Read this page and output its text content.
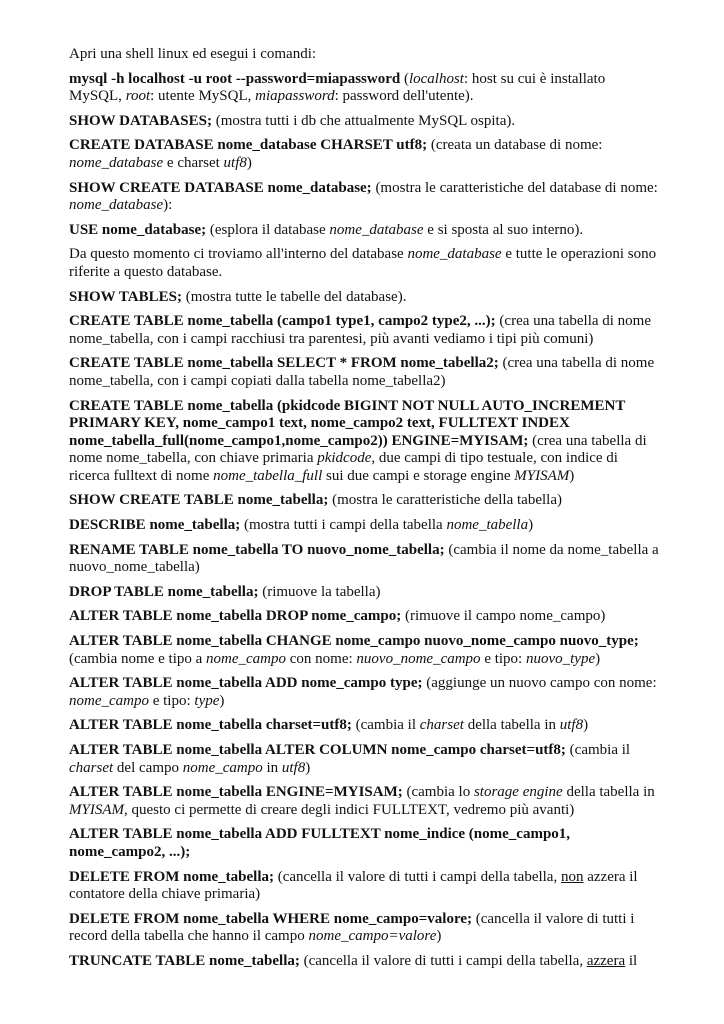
Apri una shell linux ed esegui i comandi:

mysql -h localhost -u root --password=miapassword (localhost: host su cui è installato MySQL, root: utente MySQL, miapassword: password dell'utente).

SHOW DATABASES; (mostra tutti i db che attualmente MySQL ospita).

CREATE DATABASE nome_database CHARSET utf8; (creata un database di nome: nome_database e charset utf8)

SHOW CREATE DATABASE nome_database; (mostra le caratteristiche del database di nome: nome_database):

USE nome_database; (esplora il database nome_database e si sposta al suo interno).

Da questo momento ci troviamo all'interno del database nome_database e tutte le operazioni sono riferite a questo database.

SHOW TABLES; (mostra tutte le tabelle del database).

CREATE TABLE nome_tabella (campo1 type1, campo2 type2, ...); (crea una tabella di nome nome_tabella, con i campi racchiusi tra parentesi, più avanti vediamo i tipi più comuni)

CREATE TABLE nome_tabella SELECT * FROM nome_tabella2; (crea una tabella di nome nome_tabella, con i campi copiati dalla tabella nome_tabella2)

CREATE TABLE nome_tabella (pkidcode BIGINT NOT NULL AUTO_INCREMENT PRIMARY KEY, nome_campo1 text, nome_campo2 text, FULLTEXT INDEX nome_tabella_full(nome_campo1,nome_campo2)) ENGINE=MYISAM; (crea una tabella di nome nome_tabella, con chiave primaria pkidcode, due campi di tipo testuale, con indice di ricerca fulltext di nome nome_tabella_full sui due campi e storage engine MYISAM)

SHOW CREATE TABLE nome_tabella; (mostra le caratteristiche della tabella)

DESCRIBE nome_tabella; (mostra tutti i campi della tabella nome_tabella)

RENAME TABLE nome_tabella TO nuovo_nome_tabella; (cambia il nome da nome_tabella a nuovo_nome_tabella)

DROP TABLE nome_tabella; (rimuove la tabella)

ALTER TABLE nome_tabella DROP nome_campo; (rimuove il campo nome_campo)

ALTER TABLE nome_tabella CHANGE nome_campo nuovo_nome_campo nuovo_type; (cambia nome e tipo a nome_campo con nome: nuovo_nome_campo e tipo: nuovo_type)

ALTER TABLE nome_tabella ADD nome_campo type; (aggiunge un nuovo campo con nome: nome_campo e tipo: type)

ALTER TABLE nome_tabella charset=utf8; (cambia il charset della tabella in utf8)

ALTER TABLE nome_tabella ALTER COLUMN nome_campo charset=utf8; (cambia il charset del campo nome_campo in utf8)

ALTER TABLE nome_tabella ENGINE=MYISAM; (cambia lo storage engine della tabella in MYISAM, questo ci permette di creare degli indici FULLTEXT, vedremo più avanti)

ALTER TABLE nome_tabella ADD FULLTEXT nome_indice (nome_campo1, nome_campo2, ...);

DELETE FROM nome_tabella; (cancella il valore di tutti i campi della tabella, non azzera il contatore della chiave primaria)

DELETE FROM nome_tabella WHERE nome_campo=valore; (cancella il valore di tutti i record della tabella che hanno il campo nome_campo=valore)

TRUNCATE TABLE nome_tabella; (cancella il valore di tutti i campi della tabella, azzera il
